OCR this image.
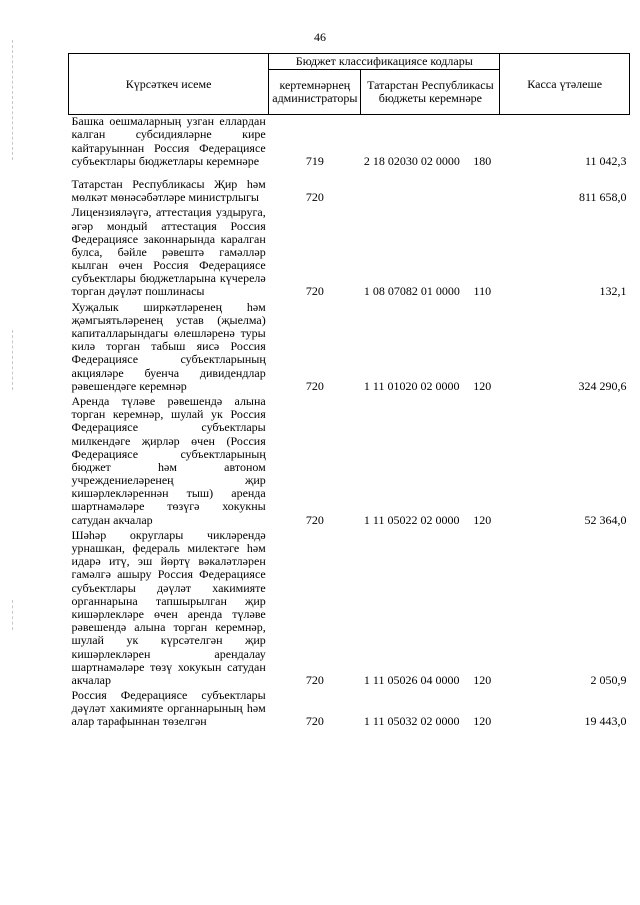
46
Күрсәткеч исеме	Бюджет классификациясе кодлары			Касса үтәлеше
	кертемнәрнең администраторы	Татарстан Республикасы бюджеты керемнәре		
Башка оешмаларның узган еллардан калган субсидияләрне кире кайтаруыннан Россия Федерациясе субъектлары бюджетлары керемнәре	719	2 18 02030 02 0000	180	11 042,3
Татарстан Республикасы Җир һәм мөлкәт мөнәсәбәтләре министрлыгы	720			811 658,0
Лицензияләүгә, аттестация уздыруга, әгәр мондый аттестация Россия Федерациясе законнарында каралган булса, бәйле рәвештә гамәлләр кылган өчен Россия Федерациясе субъектлары бюджетларына күчерелә торган дәүләт пошлинасы	720	1 08 07082 01 0000	110	132,1
Хуҗалык ширкәтләренең һәм җәмгыятьләренең устав (җыелма) капиталларындагы өлешләренә туры килә торган табыш яисә Россия Федерациясе субъектларының акцияләре буенча дивидендлар рәвешендәге керемнәр	720	1 11 01020 02 0000	120	324 290,6
Аренда түләве рәвешендә алына торган керемнәр, шулай ук Россия Федерациясе субъектлары милкендәге җирләр өчен (Россия Федерациясе субъектларының бюджет һәм автоном учреждениеләренең җир кишәрлекләреннән тыш) аренда шартнамәләре төзүгә хокукны сатудан акчалар	720	1 11 05022 02 0000	120	52 364,0
Шәһәр округлары чикләрендә урнашкан, федераль милектәге һәм идарә итү, эш йөртү вәкаләтләрен гамәлгә ашыру Россия Федерациясе субъектлары дәүләт хакимияте органнарына тапшырылган җир кишәрлекләре өчен аренда түләве рәвешендә алына торган керемнәр, шулай ук күрсәтелгән җир кишәрлекләрен арендалау шартнамәләре төзү хокукын сатудан акчалар	720	1 11 05026 04 0000	120	2 050,9
Россия Федерациясе субъектлары дәүләт хакимияте органнарының һәм алар тарафыннан төзелгән	720	1 11 05032 02 0000	120	19 443,0
